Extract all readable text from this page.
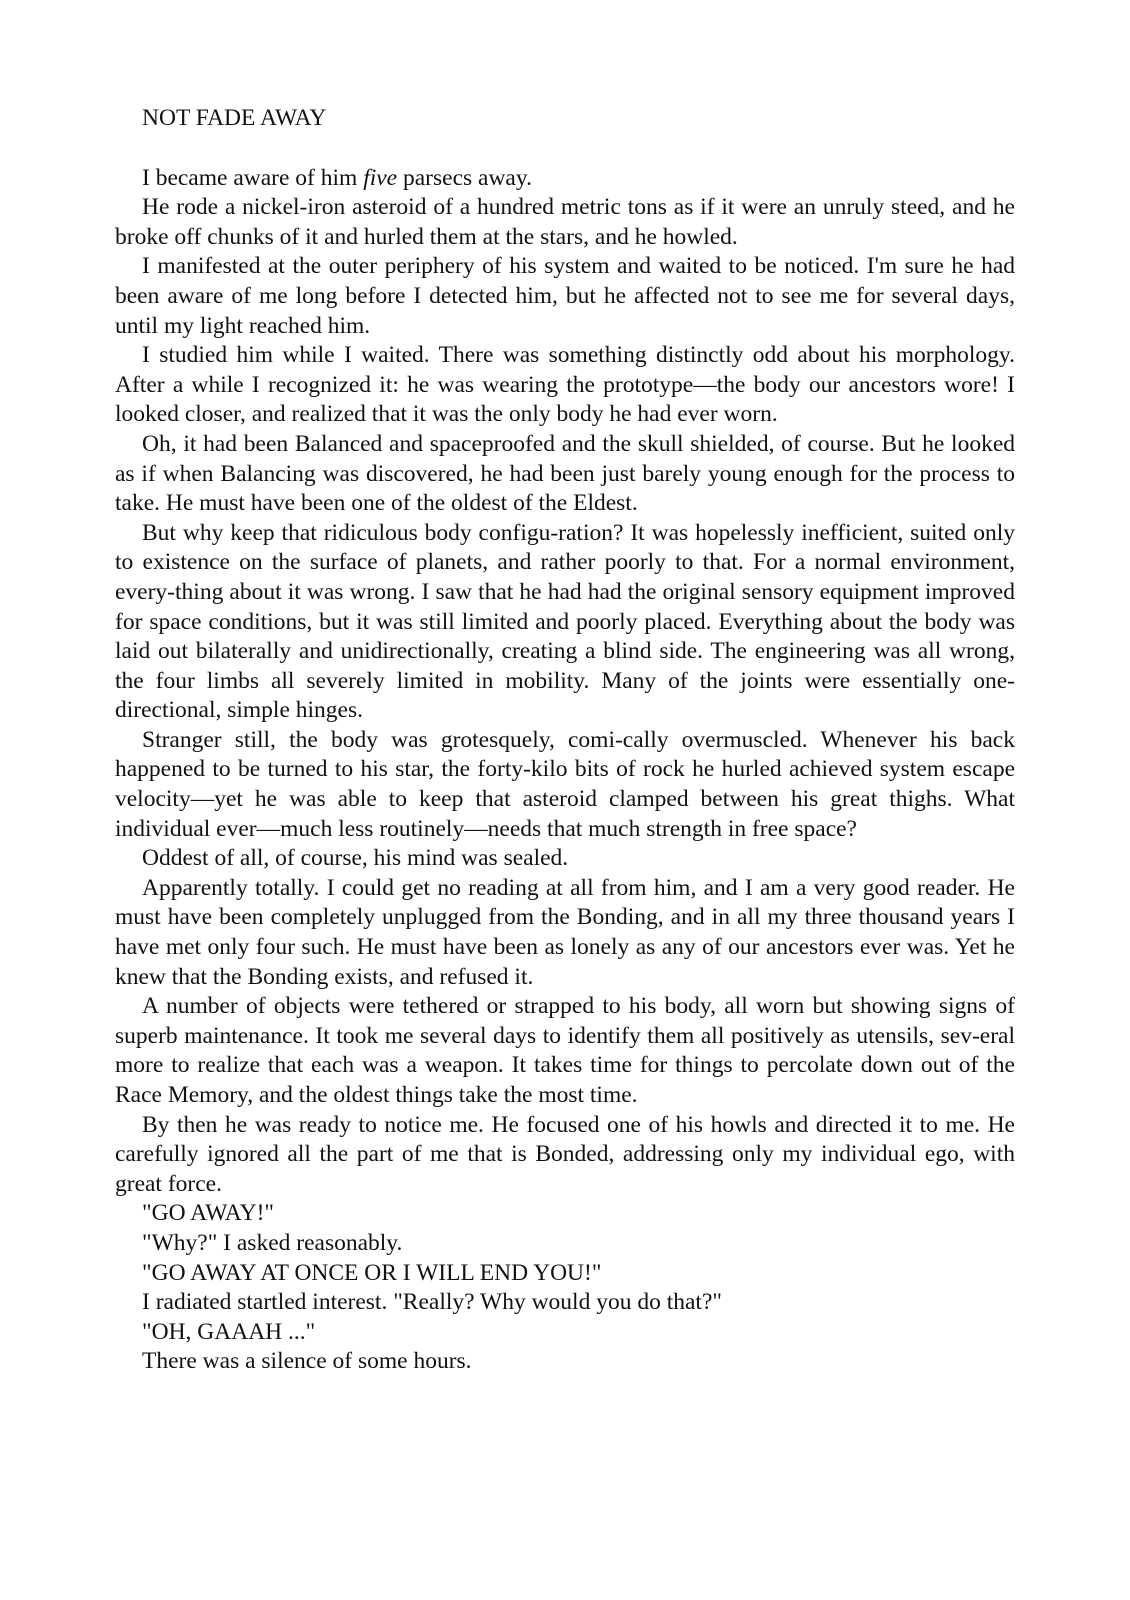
NOT FADE AWAY

I became aware of him five parsecs away.

He rode a nickel-iron asteroid of a hundred metric tons as if it were an unruly steed, and he broke off chunks of it and hurled them at the stars, and he howled.

I manifested at the outer periphery of his system and waited to be noticed. I'm sure he had been aware of me long before I detected him, but he affected not to see me for several days, until my light reached him.

I studied him while I waited. There was something distinctly odd about his morphology. After a while I recognized it: he was wearing the prototype—the body our ancestors wore! I looked closer, and realized that it was the only body he had ever worn.

Oh, it had been Balanced and spaceproofed and the skull shielded, of course. But he looked as if when Balancing was discovered, he had been just barely young enough for the process to take. He must have been one of the oldest of the Eldest.

But why keep that ridiculous body configu-ration? It was hopelessly inefficient, suited only to existence on the surface of planets, and rather poorly to that. For a normal environment, every-thing about it was wrong. I saw that he had had the original sensory equipment improved for space conditions, but it was still limited and poorly placed. Everything about the body was laid out bilaterally and unidirectionally, creating a blind side. The engineering was all wrong, the four limbs all severely limited in mobility. Many of the joints were essentially one-directional, simple hinges.

Stranger still, the body was grotesquely, comi-cally overmuscled. Whenever his back happened to be turned to his star, the forty-kilo bits of rock he hurled achieved system escape velocity—yet he was able to keep that asteroid clamped between his great thighs. What individual ever—much less routinely—needs that much strength in free space?

Oddest of all, of course, his mind was sealed.

Apparently totally. I could get no reading at all from him, and I am a very good reader. He must have been completely unplugged from the Bonding, and in all my three thousand years I have met only four such. He must have been as lonely as any of our ancestors ever was. Yet he knew that the Bonding exists, and refused it.

A number of objects were tethered or strapped to his body, all worn but showing signs of superb maintenance. It took me several days to identify them all positively as utensils, sev-eral more to realize that each was a weapon. It takes time for things to percolate down out of the Race Memory, and the oldest things take the most time.

By then he was ready to notice me. He focused one of his howls and directed it to me. He carefully ignored all the part of me that is Bonded, addressing only my individual ego, with great force.

"GO AWAY!"

"Why?" I asked reasonably.

"GO AWAY AT ONCE OR I WILL END YOU!"

I radiated startled interest. "Really? Why would you do that?"

"OH, GAAAH ..."

There was a silence of some hours.
